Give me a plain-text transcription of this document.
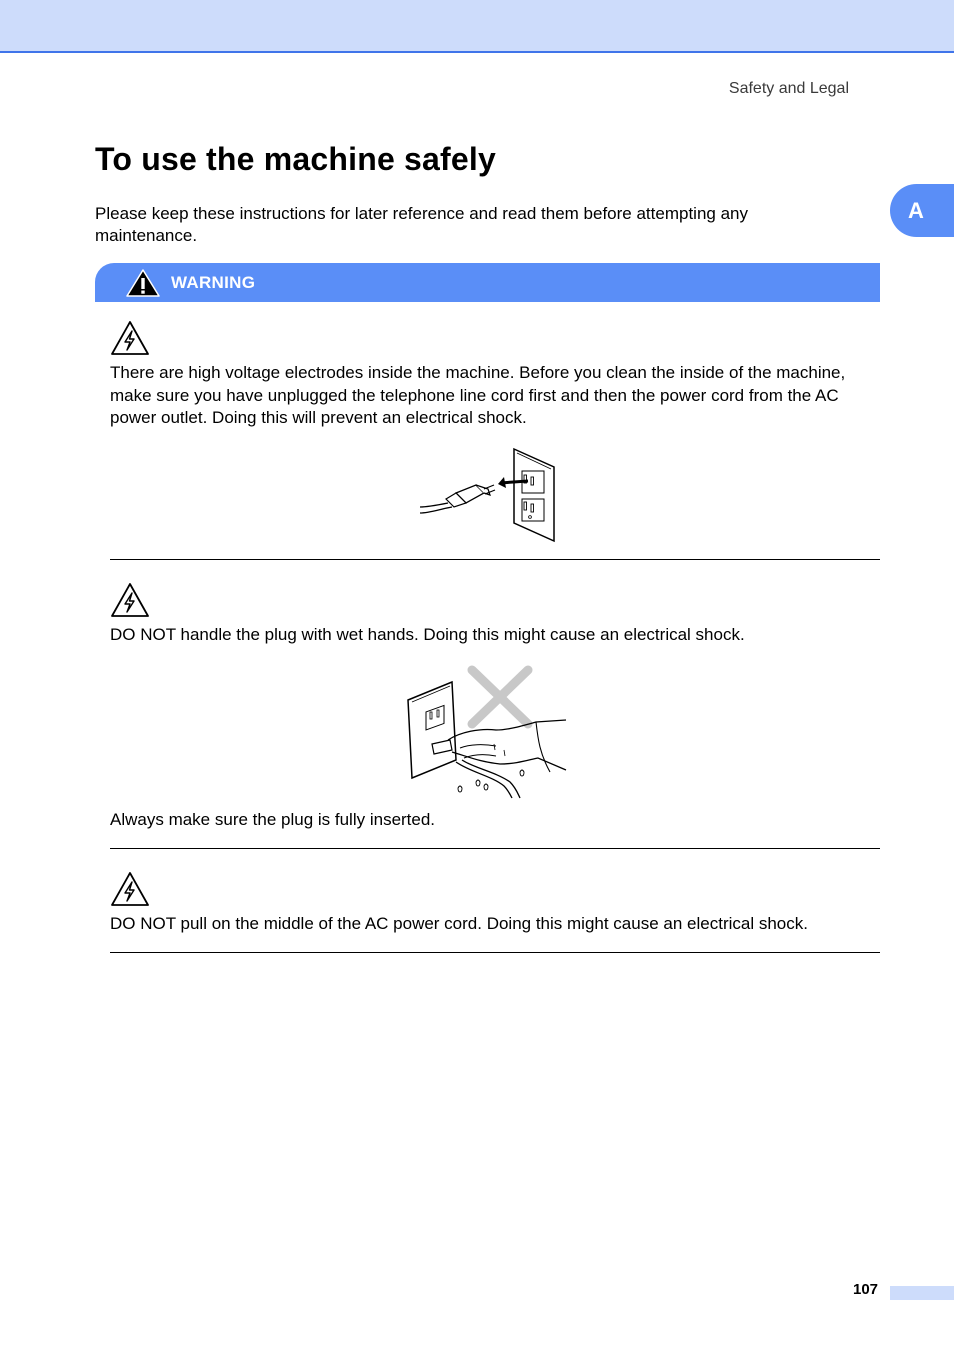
Safety and Legal
To use the machine safely
A

Please keep these instructions for later reference and read them before attempting any maintenance.

WARNING

There are high voltage electrodes inside the machine. Before you clean the inside of the machine, make sure you have unplugged the telephone line cord first and then the power cord from the AC power outlet. Doing this will prevent an electrical shock.

DO NOT handle the plug with wet hands. Doing this might cause an electrical shock.

Always make sure the plug is fully inserted.

DO NOT pull on the middle of the AC power cord. Doing this might cause an electrical shock.

107
